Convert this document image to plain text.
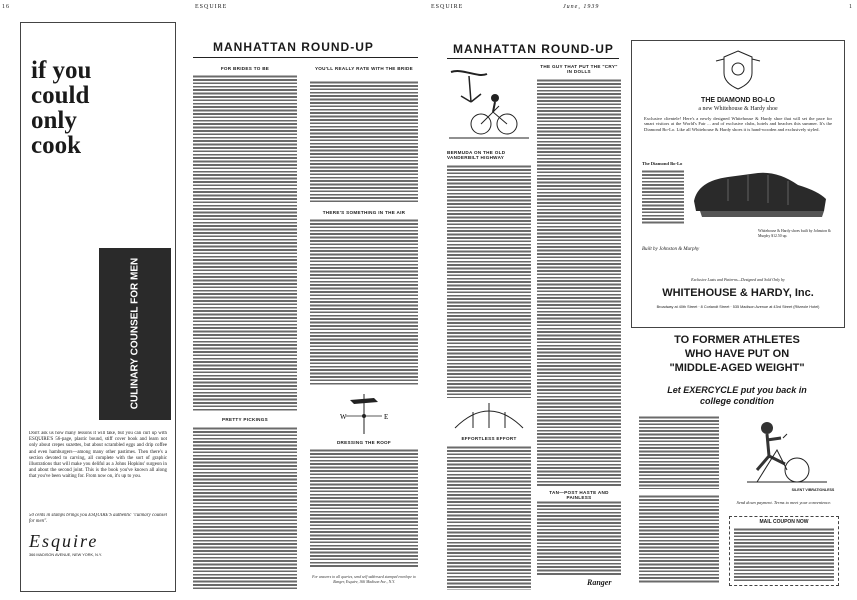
16	ESQUIRE
if you could only cook
CULINARY COUNSEL FOR MEN
Don't ask us how many lessons it will take, but you can curl up with ESQUIRE'S 56-page, plastic bound, stiff cover book and learn not only about crepes suzettes, but about scrambled eggs and drip coffee and even hamburgers—among many other pastimes. Then there's a section devoted to carving, all complete with the sort of graphic illustrations that will make you deliful as a Johns Hopkins' surgeon in and about the second joint. This is the book you've known all along that you've been waiting for. From now on, it's up to you.
50 cents in stamps brings you ESQUIRE'S authentic "culinary counsel for men".
Esquire
366 MADISON AVENUE, NEW YORK, N.Y.
MANHATTAN ROUND-UP
FOR BRIDES TO BE
PRETTY PICKINGS
YOU'LL REALLY RATE WITH THE BRIDE
THERE'S SOMETHING IN THE AIR
W	E
DRESSING THE ROOF
For answers to all queries, send self-addressed stamped envelope to Ranger, Esquire, 366 Madison Ave., N.Y.
ESQUIRE	June, 1939	1
MANHATTAN ROUND-UP
BERMUDA ON THE OLD VANDERBILT HIGHWAY
EFFORTLESS EFFORT
THE GUY THAT PUT THE "CRY" IN DOLLS
TAN—POST HASTE AND PAINLESS
Ranger
THE DIAMOND BO-LO
a new Whitehouse & Hardy shoe
Exclusive clientele! Here's a newly designed Whitehouse & Hardy shoe that will set the pace for smart visitors at the World's Fair ... and of exclusive clubs, hotels and beaches this summer. It's the Diamond Bo-Lo. Like all Whitehouse & Hardy shoes it is hand-wooden and exclusively styled.
The Diamond Bo-Lo
Whitehouse & Hardy shoes built by Johnston & Murphy $12.50 up.
Built by Johnston & Murphy
Exclusive Lasts and Patterns—Designed and Sold Only by
WHITEHOUSE & HARDY, Inc.
Broadway at 40th Street · 8 Corlandt Street · 535 Madison Avenue at 43rd Street (Ritzeole Hotel)
TO FORMER ATHLETES
WHO HAVE PUT ON
"MIDDLE-AGED WEIGHT"
Let EXERCYCLE put you back in college condition
SILENT VIBRATIONLESS
Send down payment. Terms to meet your convenience.
MAIL COUPON NOW
